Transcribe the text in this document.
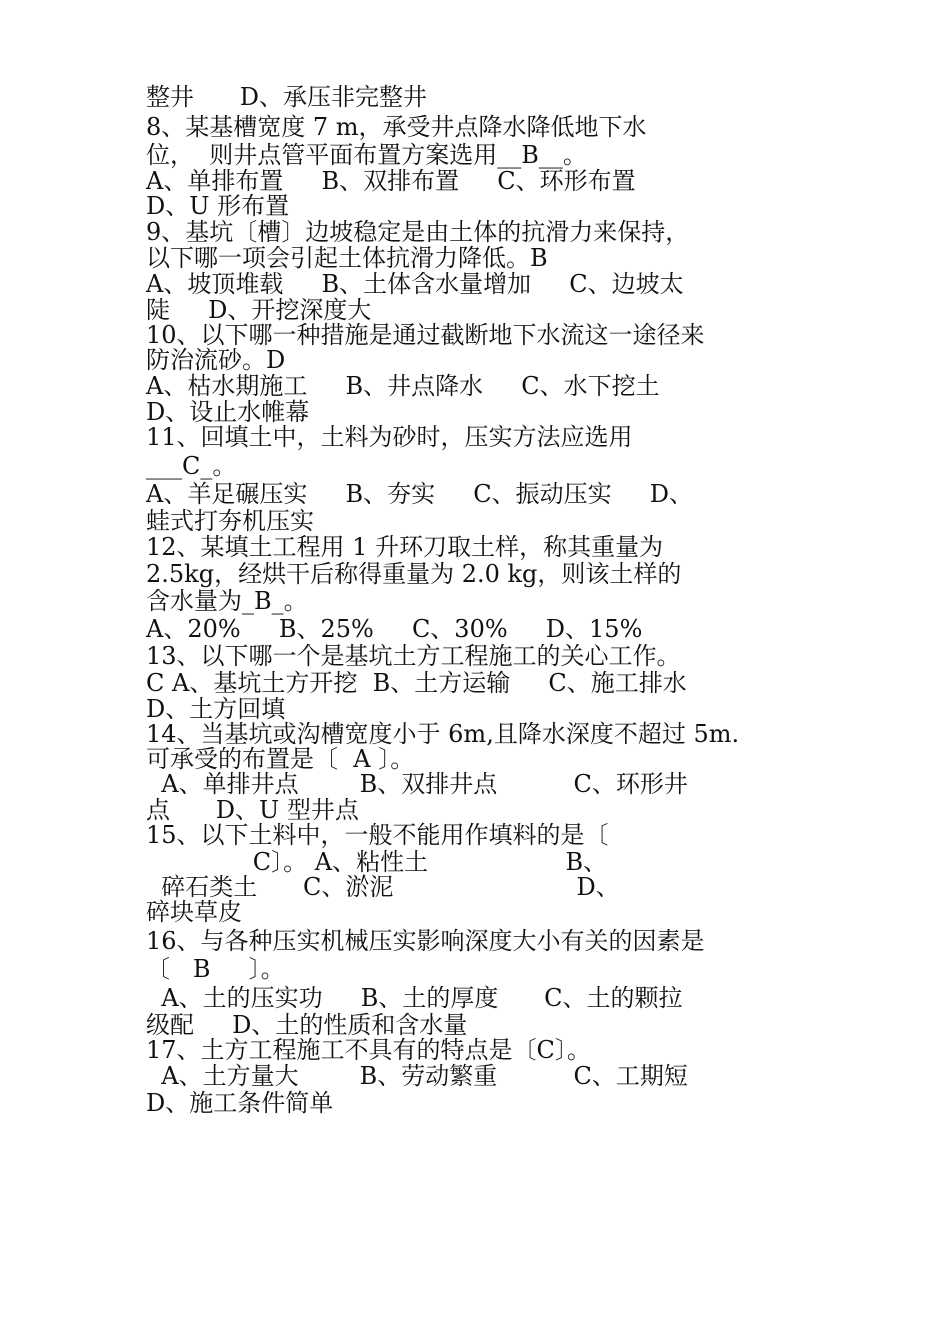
整井      D、承压非完整井
8、某基槽宽度 7 m，承受井点降水降低地下水
位，  则井点管平面布置方案选用__B__。
A、单排布置     B、双排布置     C、环形布置
D、U 形布置
9、基坑〔槽〕边坡稳定是由土体的抗滑力来保持，
以下哪一项会引起土体抗滑力降低。B
A、坡顶堆载     B、土体含水量增加     C、边坡太
陡     D、开挖深度大
10、以下哪一种措施是通过截断地下水流这一途径来
防治流砂。D
A、枯水期施工     B、井点降水     C、水下挖土
D、设止水帷幕
11、回填土中，土料为砂时，压实方法应选用
___C_。
A、羊足碾压实     B、夯实     C、振动压实     D、
蛙式打夯机压实
12、某填土工程用 1 升环刀取土样，称其重量为
2.5kg，经烘干后称得重量为 2.0 kg，则该土样的
含水量为_B_。
A、20%     B、25%     C、30%     D、15%
13、以下哪一个是基坑土方工程施工的关心工作。
C A、基坑土方开挖  B、土方运输     C、施工排水
D、土方回填
14、当基坑或沟槽宽度小于 6m,且降水深度不超过 5m.
可承受的布置是〔  A 〕。
A、单排井点        B、双排井点          C、环形井
点      D、U 型井点
15、以下土料中，一般不能用作填料的是〔
C〕。 A、粘性土                  B、
碎石类土      C、淤泥                        D、
碎块草皮
16、与各种压实机械压实影响深度大小有关的因素是
〔   B     〕。
A、土的压实功     B、土的厚度      C、土的颗拉
级配     D、土的性质和含水量
17、土方工程施工不具有的特点是〔C〕。
A、土方量大        B、劳动繁重          C、工期短
D、施工条件简单
